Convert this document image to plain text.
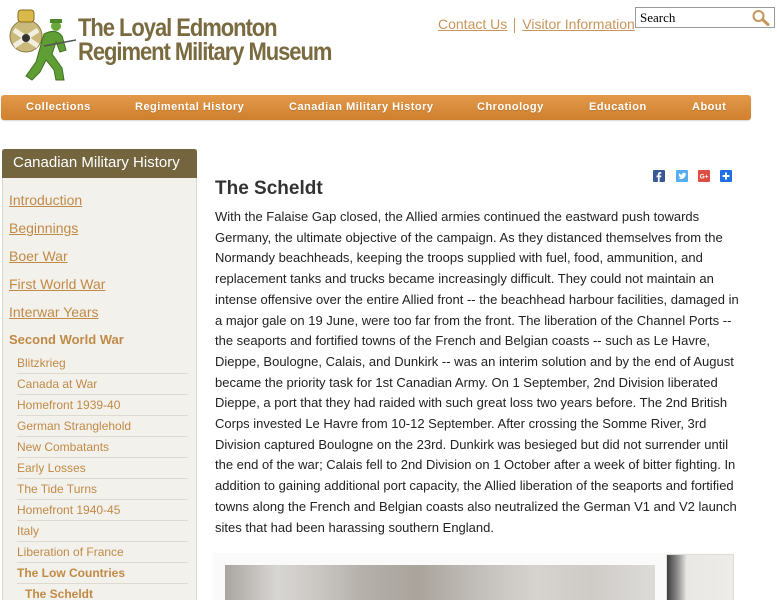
The Loyal Edmonton
Regiment Military Museum
Contact Us Visitor Information Search
Collections	Regimental History	Canadian Military History	Chronology	Education	About
Canadian Military History
Introduction
Beginnings
Boer War
First World War
Interwar Years
Second World War
Blitzkrieg
Canada at War
Homefront 1939-40
German Stranglehold
New Combatants
Early Losses
The Tide Turns
Homefront 1940-45
Italy
Liberation of France
The Low Countries
The Scheldt
The Scheldt
G+

With the Falaise Gap closed, the Allied armies continued the eastward push towards Germany, the ultimate objective of the campaign. As they distanced themselves from the Normandy beachheads, keeping the troops supplied with fuel, food, ammunition, and replacement tanks and trucks became increasingly difficult. They could not maintain an intense offensive over the entire Allied front -- the beachhead harbour facilities, damaged in a major gale on 19 June, were too far from the front. The liberation of the Channel Ports -- the seaports and fortified towns of the French and Belgian coasts -- such as Le Havre, Dieppe, Boulogne, Calais, and Dunkirk -- was an interim solution and by the end of August became the priority task for 1st Canadian Army. On 1 September, 2nd Division liberated Dieppe, a port that they had raided with such great loss two years before. The 2nd British Corps invested Le Havre from 10-12 September. After crossing the Somme River, 3rd Division captured Boulogne on the 23rd. Dunkirk was besieged but did not surrender until the end of the war; Calais fell to 2nd Division on 1 October after a week of bitter fighting. In addition to gaining additional port capacity, the Allied liberation of the seaports and fortified towns along the French and Belgian coasts also neutralized the German V1 and V2 launch sites that had been harassing southern England.
